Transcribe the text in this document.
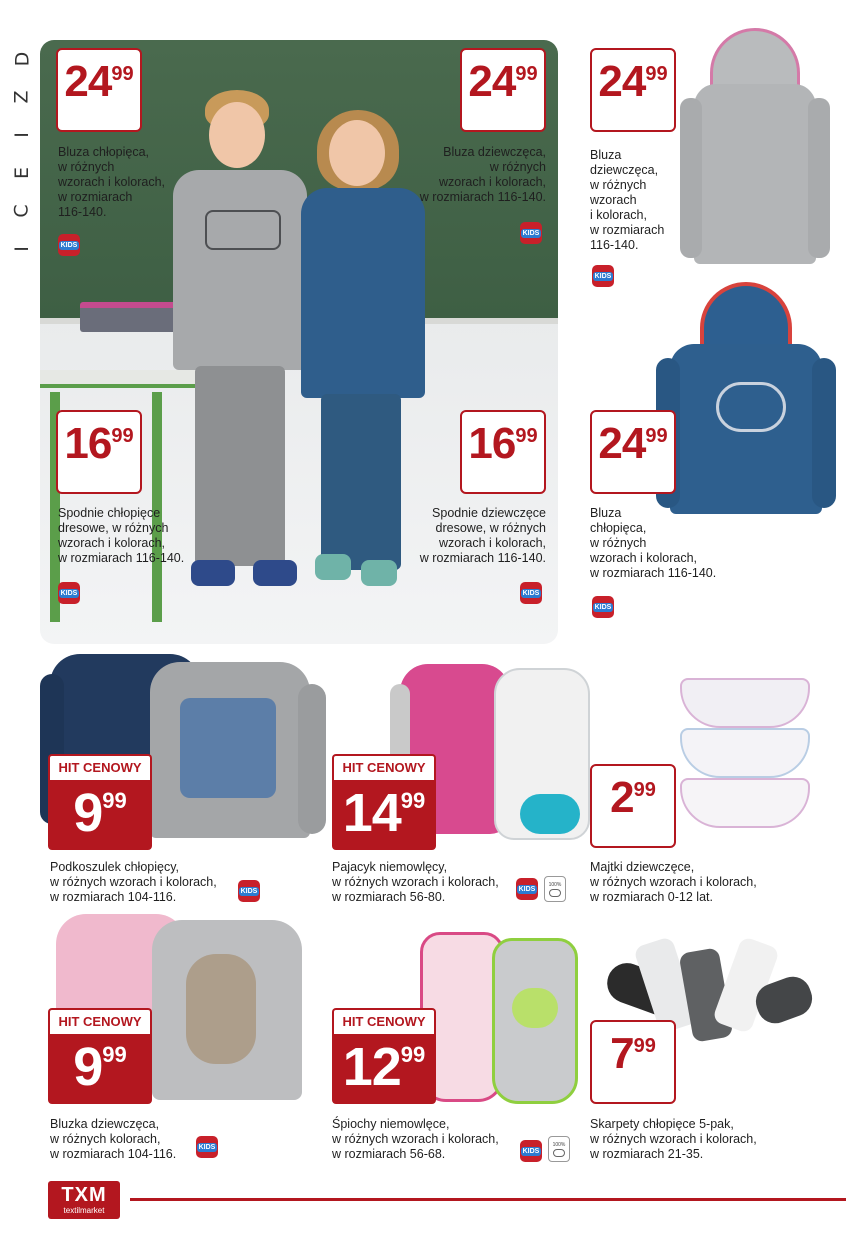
D
Z
I
E
C
I
24 99
Bluza chłopięca,
w różnych
wzorach i kolorach,
w rozmiarach
116-140.
KIDS
24 99
Bluza dziewczęca,
w różnych
wzorach i kolorach,
w rozmiarach 116-140.
KIDS
24 99
Bluza
dziewczęca,
w różnych
wzorach
i kolorach,
w rozmiarach
116-140.
KIDS
16 99
Spodnie chłopięce
dresowe, w różnych
wzorach i kolorach,
w rozmiarach 116-140.
KIDS
16 99
Spodnie dziewczęce
dresowe, w różnych
wzorach i kolorach,
w rozmiarach 116-140.
KIDS
24 99
Bluza
chłopięca,
w różnych
wzorach i kolorach,
w rozmiarach 116-140.
KIDS
HIT CENOWY
9 99
Podkoszulek chłopięcy,
w różnych wzorach i kolorach,
w rozmiarach 104-116.	KIDS
HIT CENOWY
14 99
Pajacyk niemowlęcy,
w różnych wzorach i kolorach,
w rozmiarach 56-80.
KIDS
100%
2 99
Majtki dziewczęce,
w różnych wzorach i kolorach,
w rozmiarach 0-12 lat.
HIT CENOWY
9 99
Bluzka dziewczęca,
w różnych kolorach,
w rozmiarach 104-116.	KIDS
HIT CENOWY
12 99
Śpiochy niemowlęce,
w różnych wzorach i kolorach,
w rozmiarach 56-68.	KIDS
100%
7 99
Skarpety chłopięce 5-pak,
w różnych wzorach i kolorach,
w rozmiarach 21-35.
TXM
textilmarket
